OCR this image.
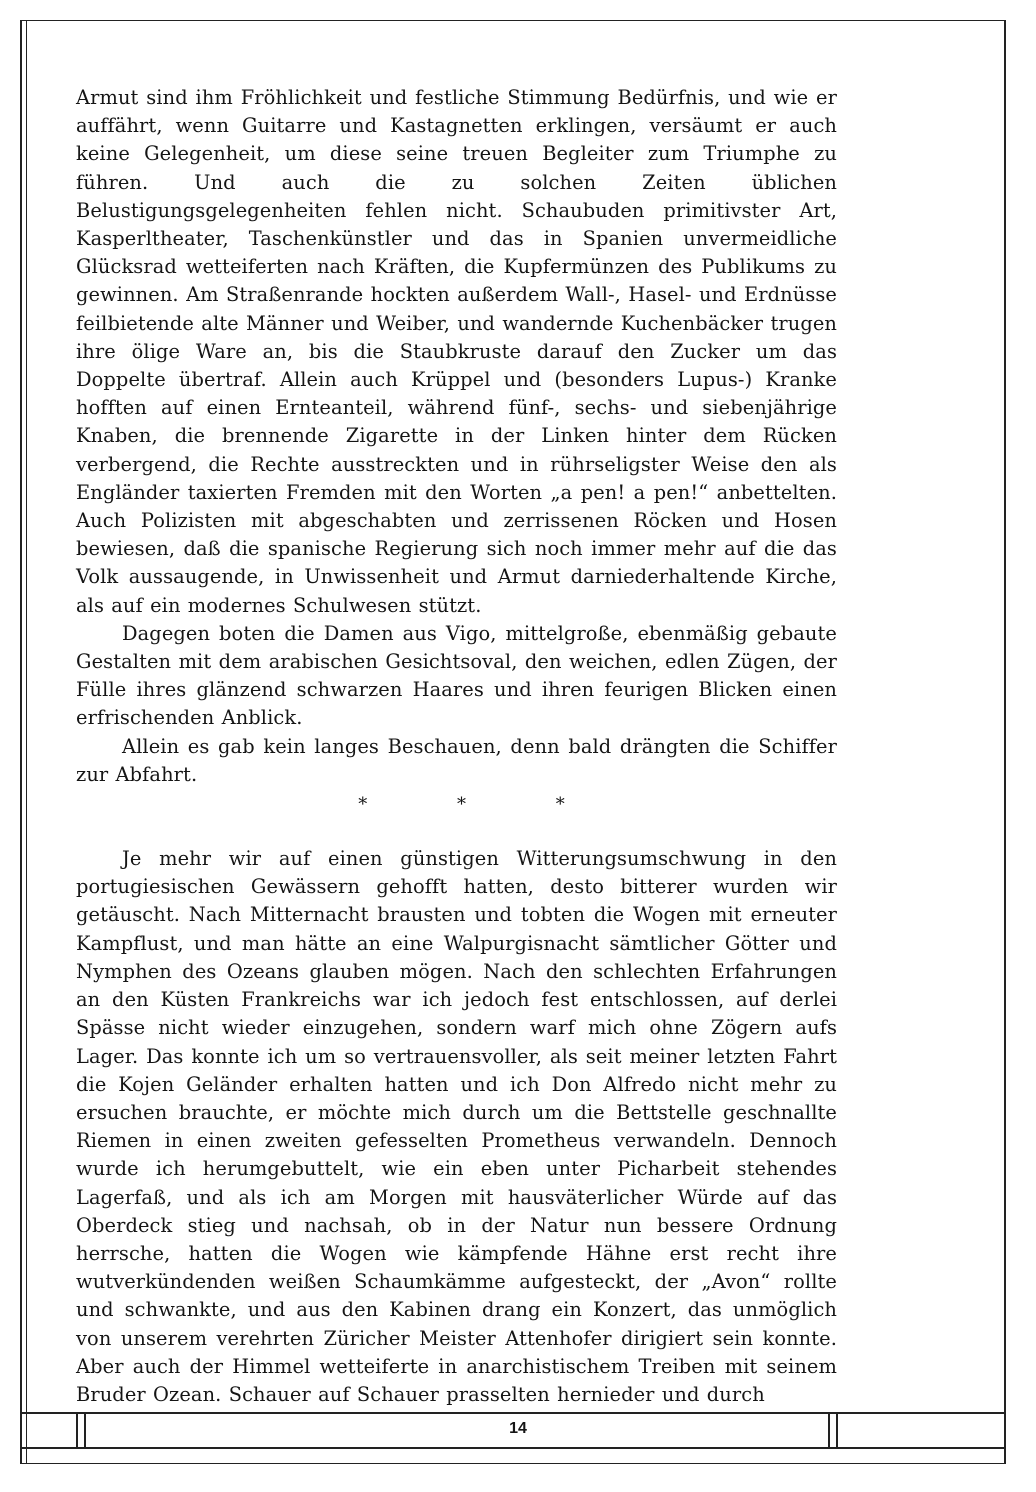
Armut sind ihm Fröhlichkeit und festliche Stimmung Bedürfnis, und wie er auffährt, wenn Guitarre und Kastagnetten erklingen, versäumt er auch keine Gelegenheit, um diese seine treuen Begleiter zum Triumphe zu führen. Und auch die zu solchen Zeiten üblichen Belustigungsgelegenheiten fehlen nicht. Schaubuden primitivster Art, Kasperltheater, Taschenkünstler und das in Spanien unvermeidliche Glücksrad wetteiferten nach Kräften, die Kupfermünzen des Publikums zu gewinnen. Am Straßenrande hockten außerdem Wall-, Hasel- und Erdnüsse feilbietende alte Männer und Weiber, und wandernde Kuchenbäcker trugen ihre ölige Ware an, bis die Staubkruste darauf den Zucker um das Doppelte übertraf. Allein auch Krüppel und (besonders Lupus-) Kranke hofften auf einen Ernteanteil, während fünf-, sechs- und siebenjährige Knaben, die brennende Zigarette in der Linken hinter dem Rücken verbergend, die Rechte ausstreckten und in rührseligster Weise den als Engländer taxierten Fremden mit den Worten „a pen! a pen!“ anbettelten. Auch Polizisten mit abgeschabten und zerrissenen Röcken und Hosen bewiesen, daß die spanische Regierung sich noch immer mehr auf die das Volk aussaugende, in Unwissenheit und Armut darniederhaltende Kirche, als auf ein modernes Schulwesen stützt.

Dagegen boten die Damen aus Vigo, mittelgroße, ebenmäßig gebaute Gestalten mit dem arabischen Gesichtsoval, den weichen, edlen Zügen, der Fülle ihres glänzend schwarzen Haares und ihren feurigen Blicken einen erfrischenden Anblick.

Allein es gab kein langes Beschauen, denn bald drängten die Schiffer zur Abfahrt.

* * *

Je mehr wir auf einen günstigen Witterungsumschwung in den portugiesischen Gewässern gehofft hatten, desto bitterer wurden wir getäuscht. Nach Mitternacht brausten und tobten die Wogen mit erneuter Kampflust, und man hätte an eine Walpurgisnacht sämtlicher Götter und Nymphen des Ozeans glauben mögen. Nach den schlechten Erfahrungen an den Küsten Frankreichs war ich jedoch fest entschlossen, auf derlei Spässe nicht wieder einzugehen, sondern warf mich ohne Zögern aufs Lager. Das konnte ich um so vertrauensvoller, als seit meiner letzten Fahrt die Kojen Geländer erhalten hatten und ich Don Alfredo nicht mehr zu ersuchen brauchte, er möchte mich durch um die Bettstelle geschnallte Riemen in einen zweiten gefesselten Prometheus verwandeln. Dennoch wurde ich herumgebuttelt, wie ein eben unter Picharbeit stehendes Lagerfaß, und als ich am Morgen mit hausväterlicher Würde auf das Oberdeck stieg und nachsah, ob in der Natur nun bessere Ordnung herrsche, hatten die Wogen wie kämpfende Hähne erst recht ihre wutverkündenden weißen Schaumkämme aufgesteckt, der „Avon“ rollte und schwankte, und aus den Kabinen drang ein Konzert, das unmöglich von unserem verehrten Züricher Meister Attenhofer dirigiert sein konnte. Aber auch der Himmel wetteiferte in anarchistischem Treiben mit seinem Bruder Ozean. Schauer auf Schauer prasselten hernieder und durch

14
